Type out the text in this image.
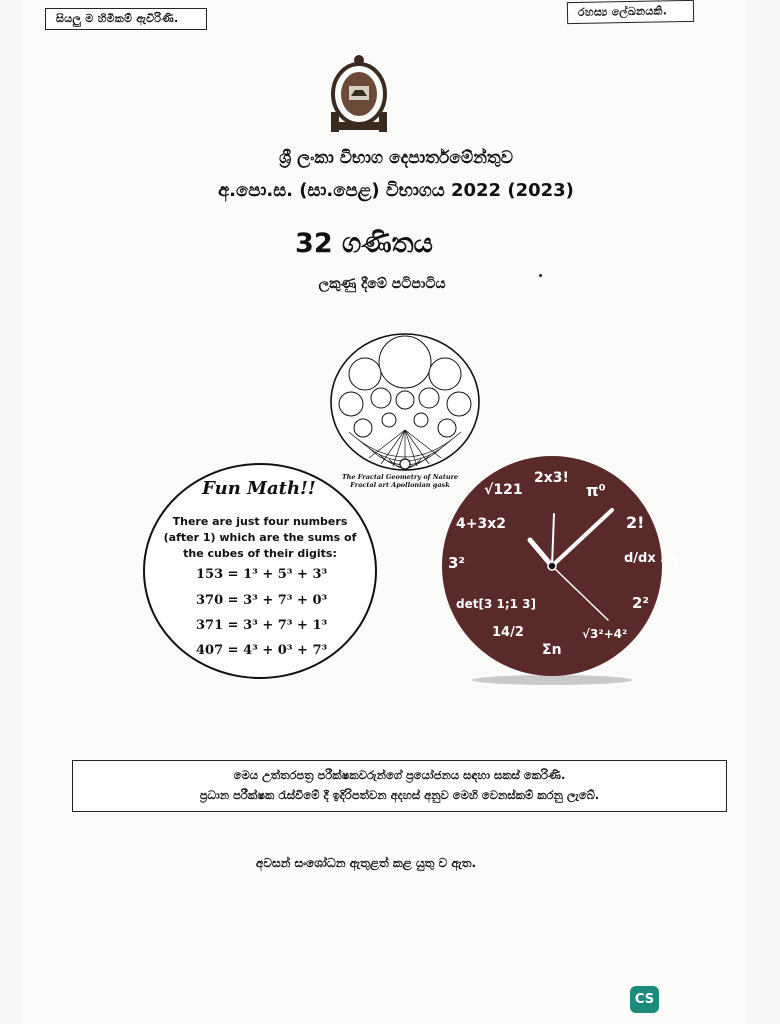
සියලු ම හිමිකම් ඇවිරිණි.	රහස්‍ය ලේඛනයකි.
ශ්‍රී ලංකා විභාග දෙපාර්තමේන්තුව
අ.පො.ස. (සා.පෙළ) විභාගය 2022 (2023)
32 ගණිතය
ලකුණු දීමේ පටිපාටිය
The Fractal Geometry of Nature
Fractal art Apollonian gask
Fun Math!!
There are just four numbers (after 1) which are the sums of the cubes of their digits:
153 = 1³ + 5³ + 3³
370 = 3³ + 7³ + 0³
371 = 3³ + 7³ + 1³
407 = 4³ + 0³ + 7³
√121
2x3!
π⁰
4+3x2	2!
3²	d/dx 3x
det[3 1;1 3]	2²
14/2
Σn
√3²+4²
මෙය උත්තරපත්‍ර පරීක්ෂකවරුන්ගේ ප්‍රයෝජනය සඳහා සකස් කෙරිණි.
ප්‍රධාන පරීක්ෂක රැස්වීමේ දී ඉදිරිපත්වන අදහස් අනුව මෙහි වෙනස්කම් කරනු ලැබේ.
අවසන් සංශෝධන ඇතුළත් කළ යුතු ව ඇත.
CS
